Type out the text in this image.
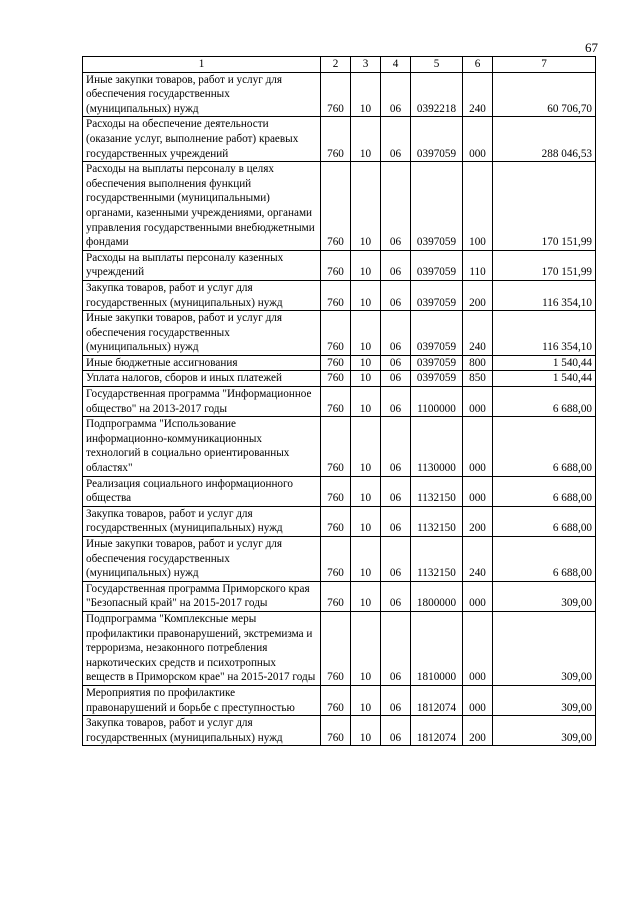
67
1	2	3	4	5	6	7
Иные закупки товаров, работ и услуг для обеспечения государственных (муниципальных) нужд	760	10	06	0392218	240	60 706,70
Расходы на обеспечение деятельности (оказание услуг, выполнение работ) краевых государственных учреждений	760	10	06	0397059	000	288 046,53
Расходы на выплаты персоналу в целях обеспечения выполнения функций государственными (муниципальными) органами, казенными учреждениями, органами управления государственными внебюджетными фондами	760	10	06	0397059	100	170 151,99
Расходы на выплаты персоналу казенных учреждений	760	10	06	0397059	110	170 151,99
Закупка товаров, работ и услуг для государственных (муниципальных) нужд	760	10	06	0397059	200	116 354,10
Иные закупки товаров, работ и услуг для обеспечения государственных (муниципальных) нужд	760	10	06	0397059	240	116 354,10
Иные бюджетные ассигнования	760	10	06	0397059	800	1 540,44
Уплата налогов, сборов и иных платежей	760	10	06	0397059	850	1 540,44
Государственная программа "Информационное общество" на 2013-2017 годы	760	10	06	1100000	000	6 688,00
Подпрограмма "Использование информационно-коммуникационных технологий в социально ориентированных областях"	760	10	06	1130000	000	6 688,00
Реализация социального информационного общества	760	10	06	1132150	000	6 688,00
Закупка товаров, работ и услуг для государственных (муниципальных) нужд	760	10	06	1132150	200	6 688,00
Иные закупки товаров, работ и услуг для обеспечения государственных (муниципальных) нужд	760	10	06	1132150	240	6 688,00
Государственная программа Приморского края "Безопасный край" на 2015-2017 годы	760	10	06	1800000	000	309,00
Подпрограмма "Комплексные меры профилактики правонарушений, экстремизма и терроризма, незаконного потребления наркотических средств и психотропных веществ в Приморском крае" на 2015-2017 годы	760	10	06	1810000	000	309,00
Мероприятия по профилактике правонарушений и борьбе с преступностью	760	10	06	1812074	000	309,00
Закупка товаров, работ и услуг для государственных (муниципальных) нужд	760	10	06	1812074	200	309,00
